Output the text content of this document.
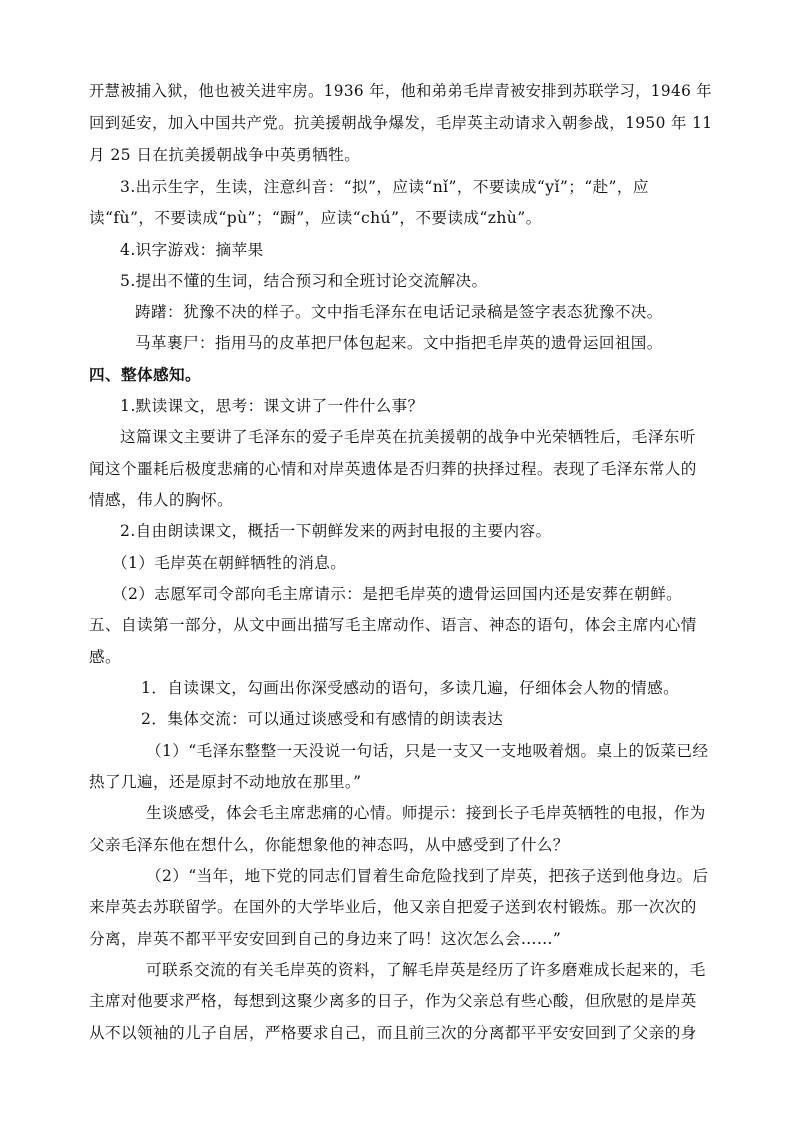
开慧被捕入狱，他也被关进牢房。1936 年，他和弟弟毛岸青被安排到苏联学习，1946 年
回到延安，加入中国共产党。抗美援朝战争爆发，毛岸英主动请求入朝参战，1950 年 11
月 25 日在抗美援朝战争中英勇牺牲。
3.出示生字，生读，注意纠音：“拟”，应读“nǐ”，不要读成“yǐ”；“赴”，应
读“fù”，不要读成“pù”；“蹰”，应读“chú”，不要读成“zhù”。
4.识字游戏：摘苹果
5.提出不懂的生词，结合预习和全班讨论交流解决。
踌躇：犹豫不决的样子。文中指毛泽东在电话记录稿是签字表态犹豫不决。
马革裹尸：指用马的皮革把尸体包起来。文中指把毛岸英的遗骨运回祖国。
四、整体感知。
1.默读课文，思考：课文讲了一件什么事？
这篇课文主要讲了毛泽东的爱子毛岸英在抗美援朝的战争中光荣牺牲后，毛泽东听
闻这个噩耗后极度悲痛的心情和对岸英遗体是否归葬的抉择过程。表现了毛泽东常人的
情感，伟人的胸怀。
2.自由朗读课文，概括一下朝鲜发来的两封电报的主要内容。
（1）毛岸英在朝鲜牺牲的消息。
（2）志愿军司令部向毛主席请示：是把毛岸英的遗骨运回国内还是安葬在朝鲜。
五、自读第一部分，从文中画出描写毛主席动作、语言、神态的语句，体会主席内心情
感。
1．自读课文，勾画出你深受感动的语句，多读几遍，仔细体会人物的情感。
2．集体交流：可以通过谈感受和有感情的朗读表达
（1）“毛泽东整整一天没说一句话，只是一支又一支地吸着烟。桌上的饭菜已经
热了几遍，还是原封不动地放在那里。”
生谈感受，体会毛主席悲痛的心情。师提示：接到长子毛岸英牺牲的电报，作为
父亲毛泽东他在想什么，你能想象他的神态吗，从中感受到了什么？
（2）“当年，地下党的同志们冒着生命危险找到了岸英，把孩子送到他身边。后
来岸英去苏联留学。在国外的大学毕业后，他又亲自把爱子送到农村锻炼。那一次次的
分离，岸英不都平平安安回到自己的身边来了吗！这次怎么会……”
可联系交流的有关毛岸英的资料，了解毛岸英是经历了许多磨难成长起来的，毛
主席对他要求严格，每想到这聚少离多的日子，作为父亲总有些心酸，但欣慰的是岸英
从不以领袖的儿子自居，严格要求自己，而且前三次的分离都平平安安回到了父亲的身
